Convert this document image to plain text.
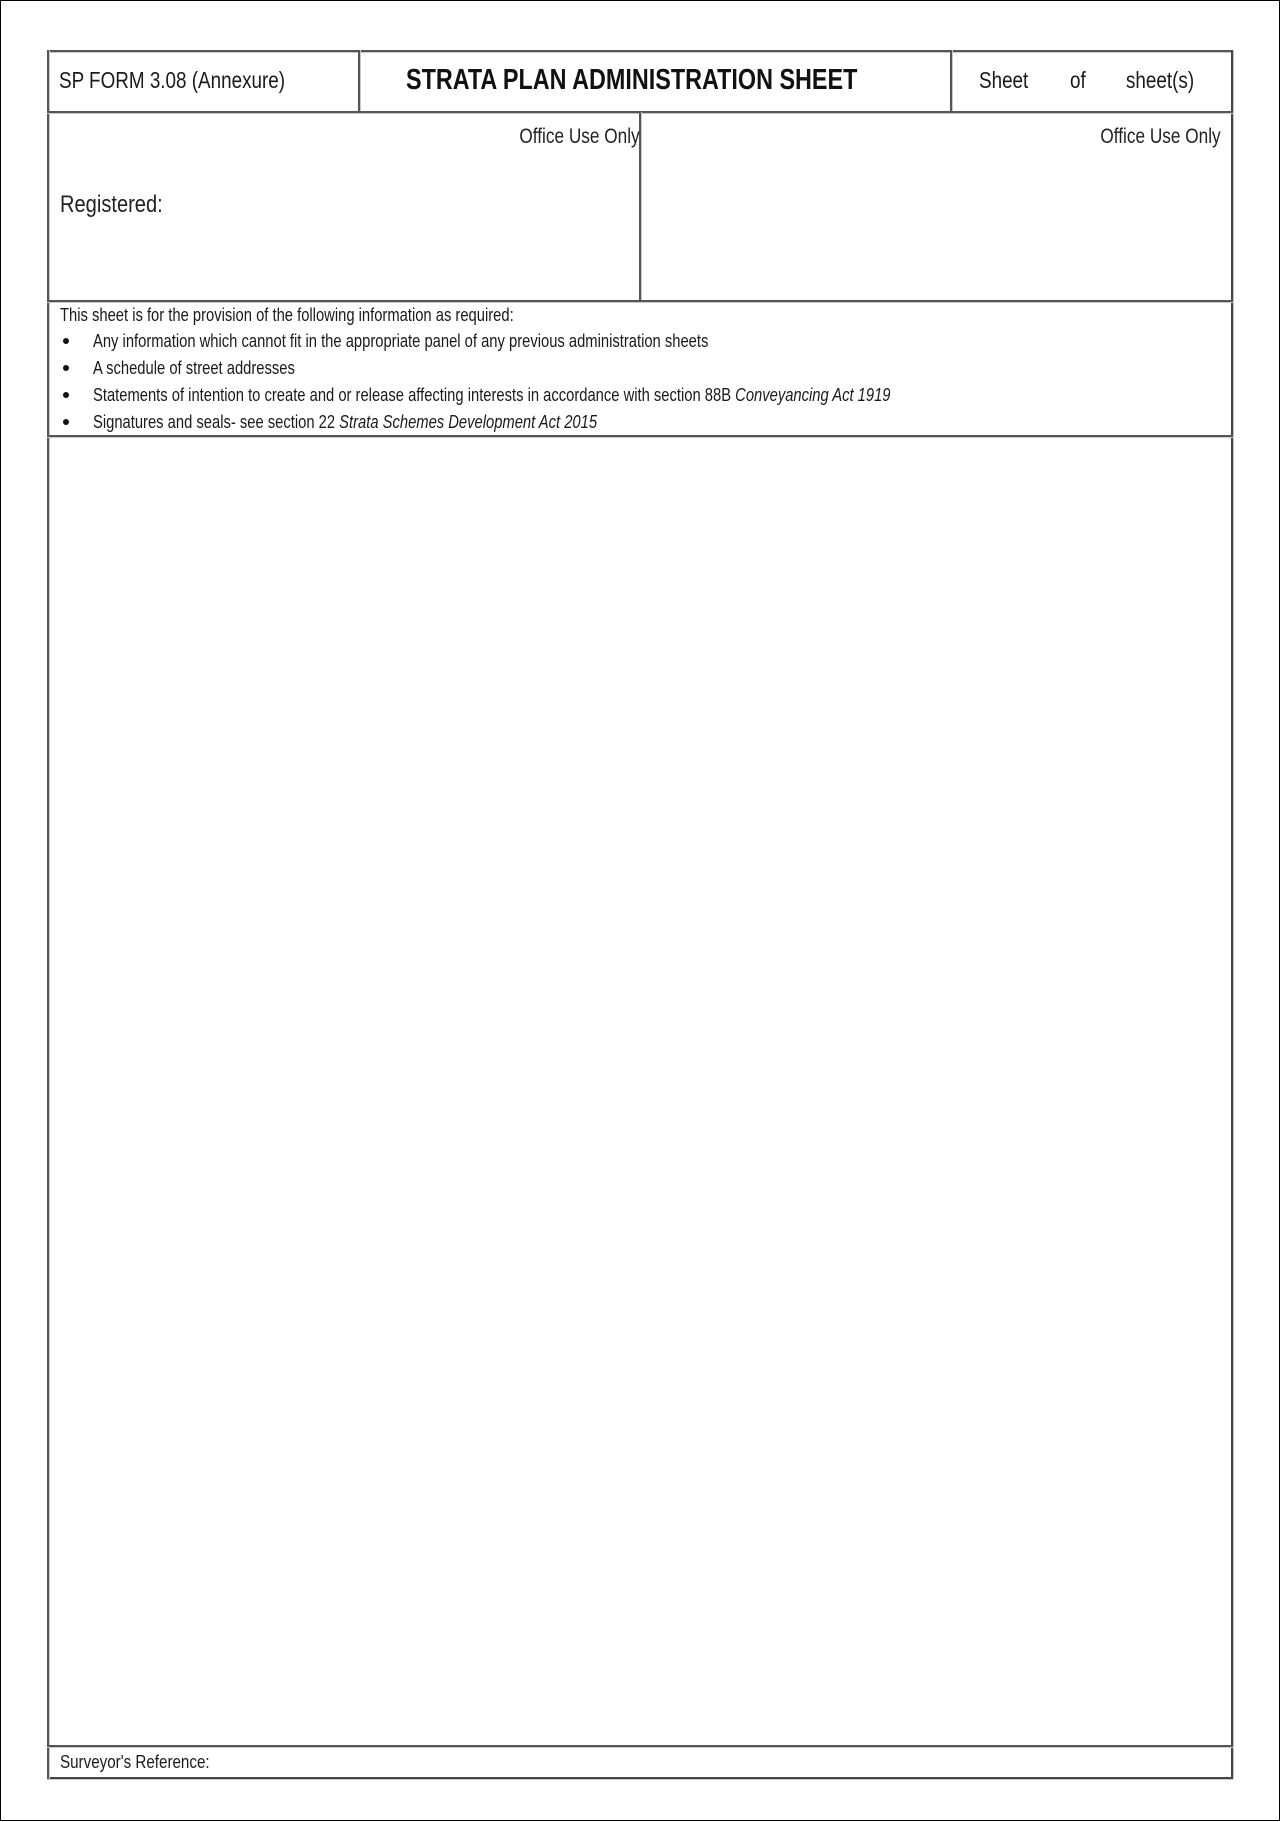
SP FORM 3.08 (Annexure)	STRATA PLAN ADMINISTRATION SHEET	Sheet	of sheet(s)
Office Use Only	Office Use Only
Registered:
This sheet is for the provision of the following information as required:
Any information which cannot fit in the appropriate panel of any previous administration sheets
A schedule of street addresses
Statements of intention to create and or release affecting interests in accordance with section 88B Conveyancing Act 1919
Signatures and seals- see section 22 Strata Schemes Development Act 2015
Surveyor's Reference:
